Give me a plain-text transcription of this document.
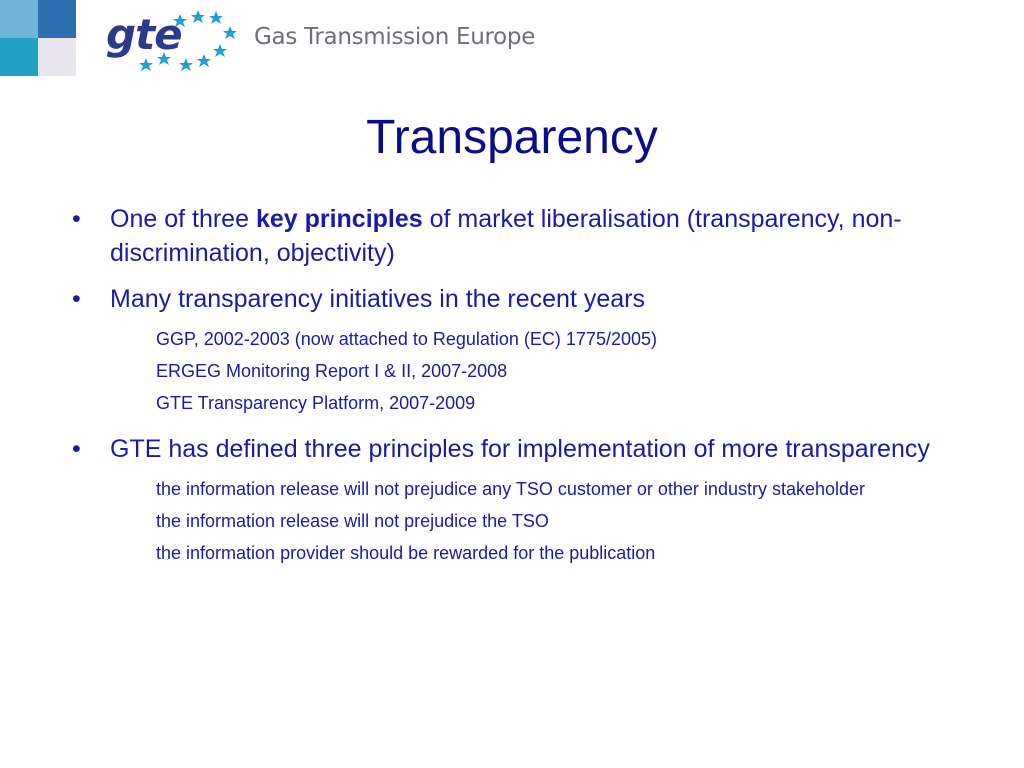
gte	Gas Transmission Europe
Transparency
• One of three key principles of market liberalisation (transparency, non-discrimination, objectivity)
• Many transparency initiatives in the recent years
GGP, 2002-2003 (now attached to Regulation (EC) 1775/2005)
ERGEG Monitoring Report I & II, 2007-2008
GTE Transparency Platform, 2007-2009
• GTE has defined three principles for implementation of more transparency
the information release will not prejudice any TSO customer or other industry stakeholder
the information release will not prejudice the TSO
the information provider should be rewarded for the publication
